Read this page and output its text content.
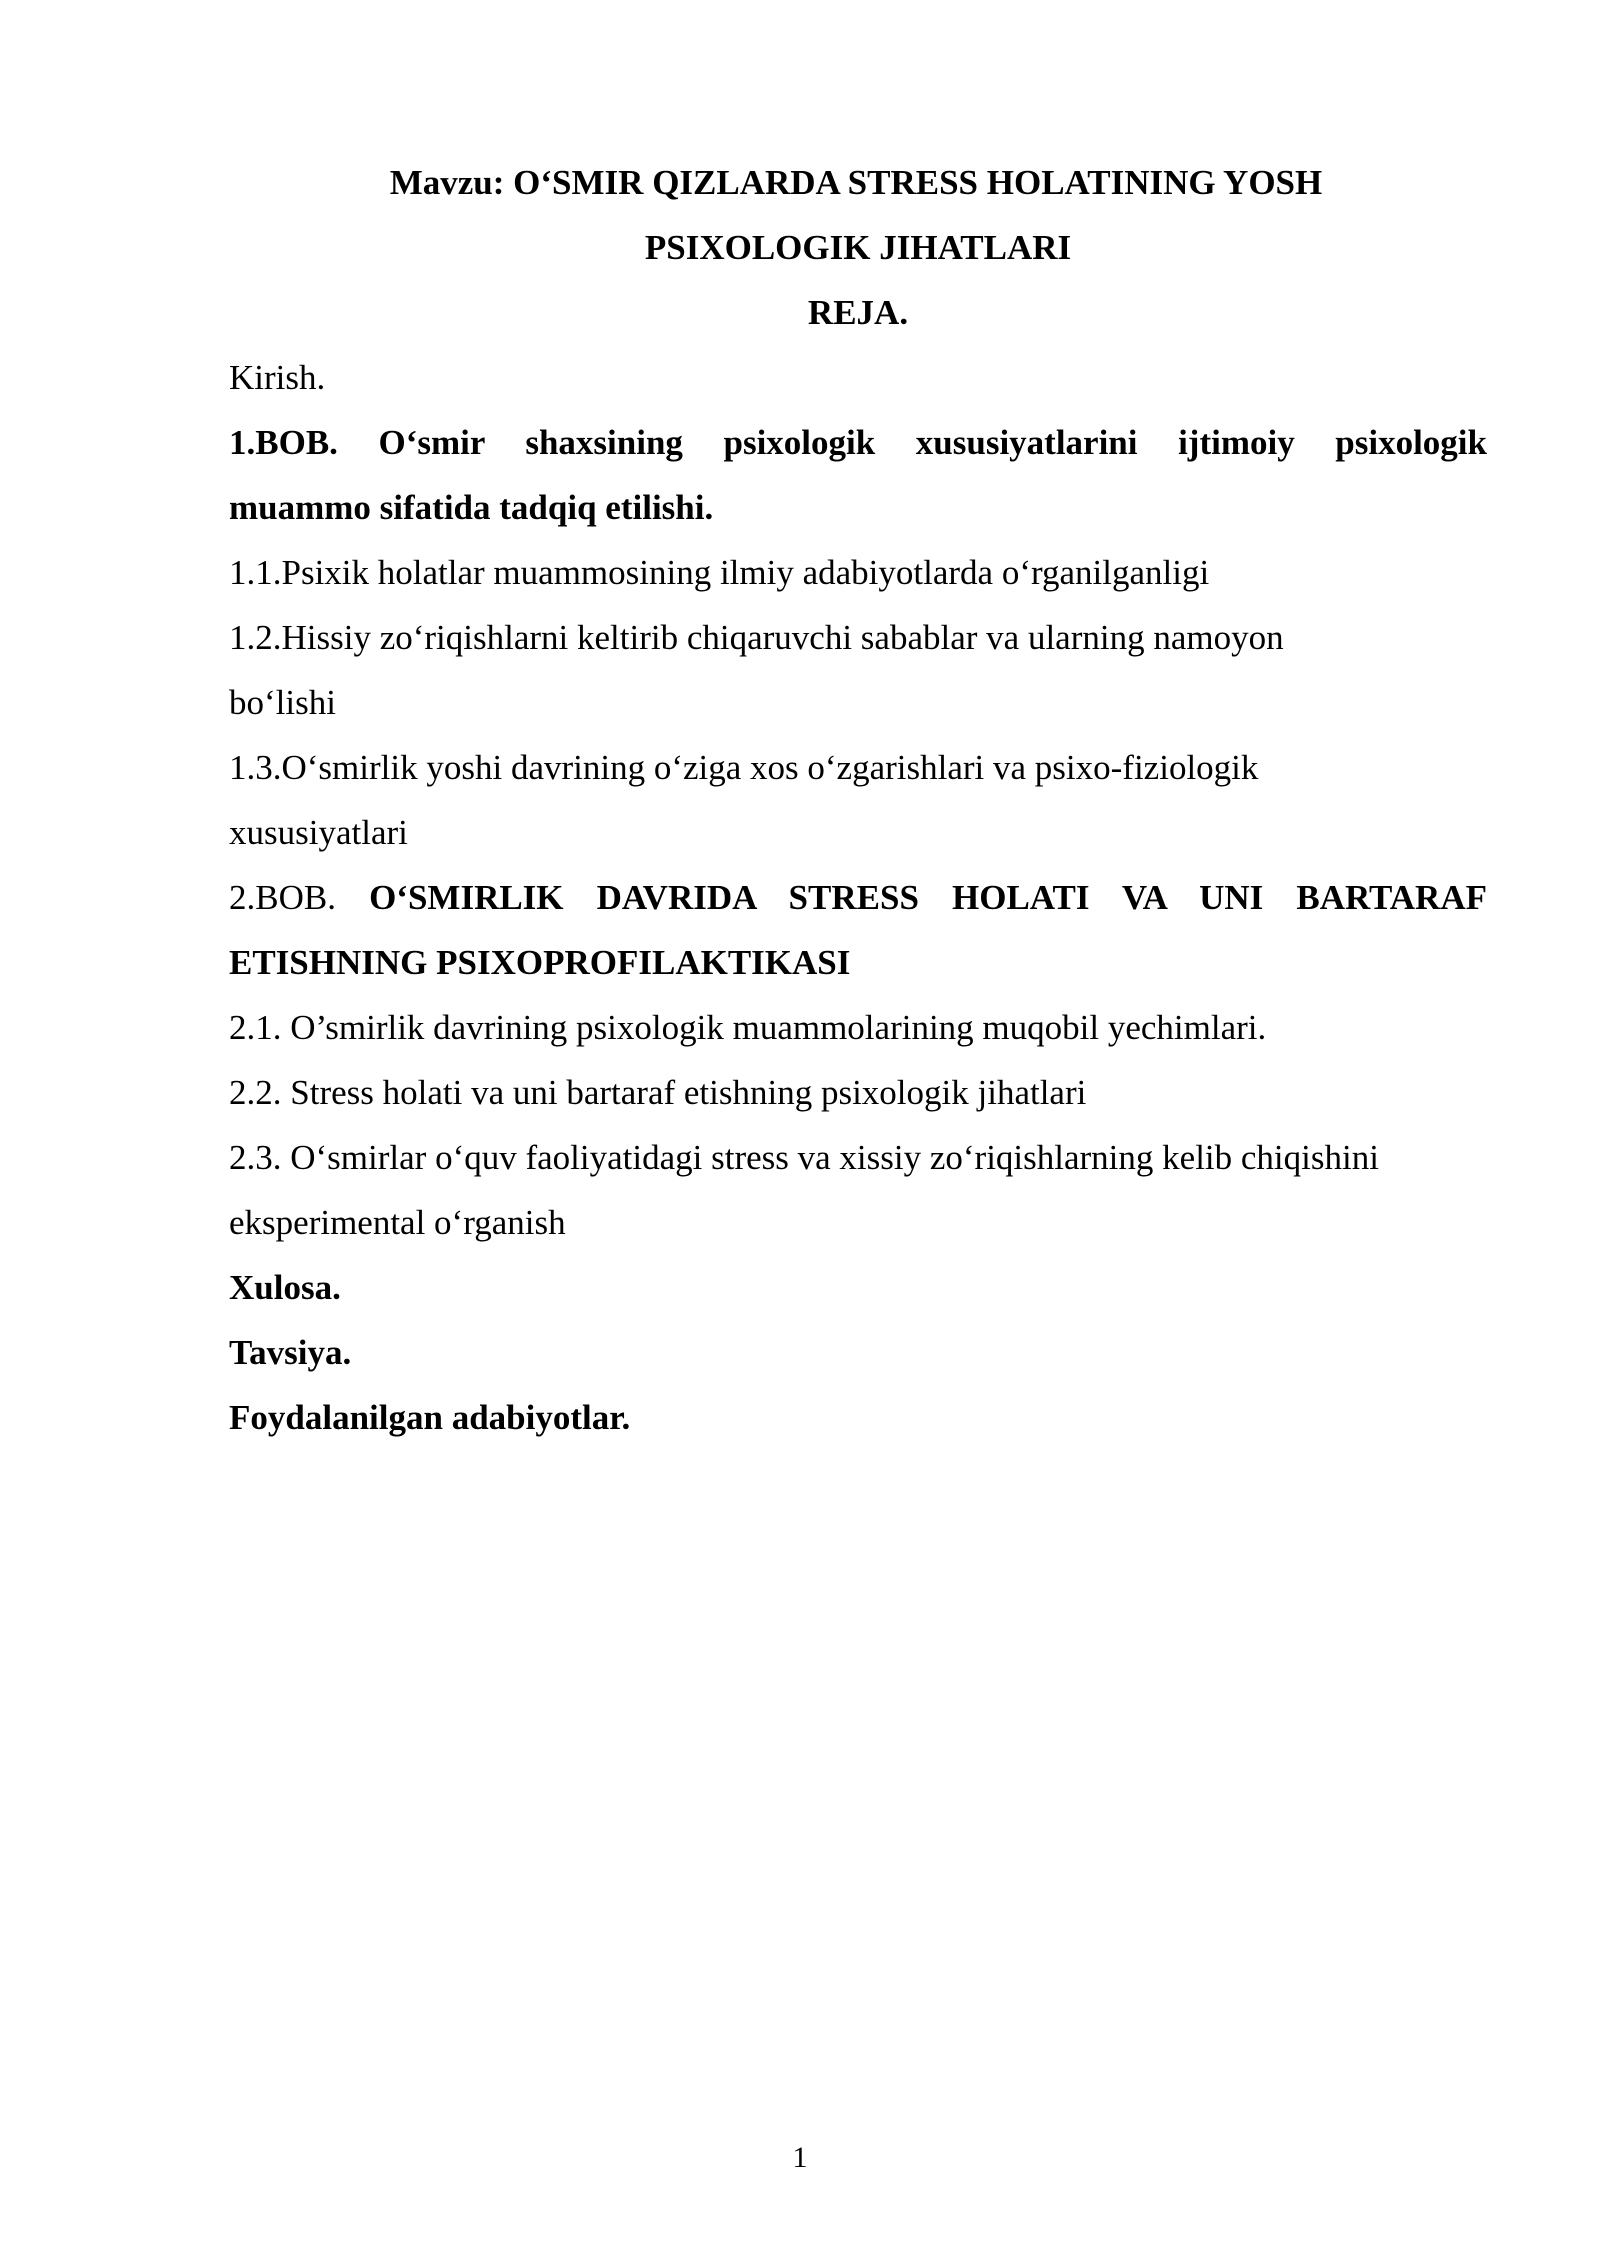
Mavzu: O‘SMIR QIZLARDA STRESS HOLATINING YOSH

PSIXOLOGIK JIHATLARI

REJA.

Kirish.

1.BOB. O‘smir shaxsining psixologik xususiyatlarini ijtimoiy psixologik

muammo sifatida tadqiq etilishi.

1.1.Psixik holatlar muammosining ilmiy adabiyotlarda o‘rganilganligi

1.2.Hissiy zo‘riqishlarni keltirib chiqaruvchi sabablar va ularning namoyon

bo‘lishi

1.3.O‘smirlik yoshi davrining o‘ziga xos o‘zgarishlari va psixo-fiziologik

xususiyatlari

2.BOB. O‘SMIRLIK DAVRIDA STRESS HOLATI VA UNI BARTARAF

ETISHNING PSIXOPROFILAKTIKASI

2.1. O’smirlik davrining psixologik muammolarining muqobil yechimlari.

2.2. Stress holati va uni bartaraf etishning psixologik jihatlari

2.3. O‘smirlar o‘quv faoliyatidagi stress va xissiy zo‘riqishlarning kelib chiqishini

eksperimental o‘rganish

Xulosa.

Tavsiya.

Foydalanilgan adabiyotlar.

1
